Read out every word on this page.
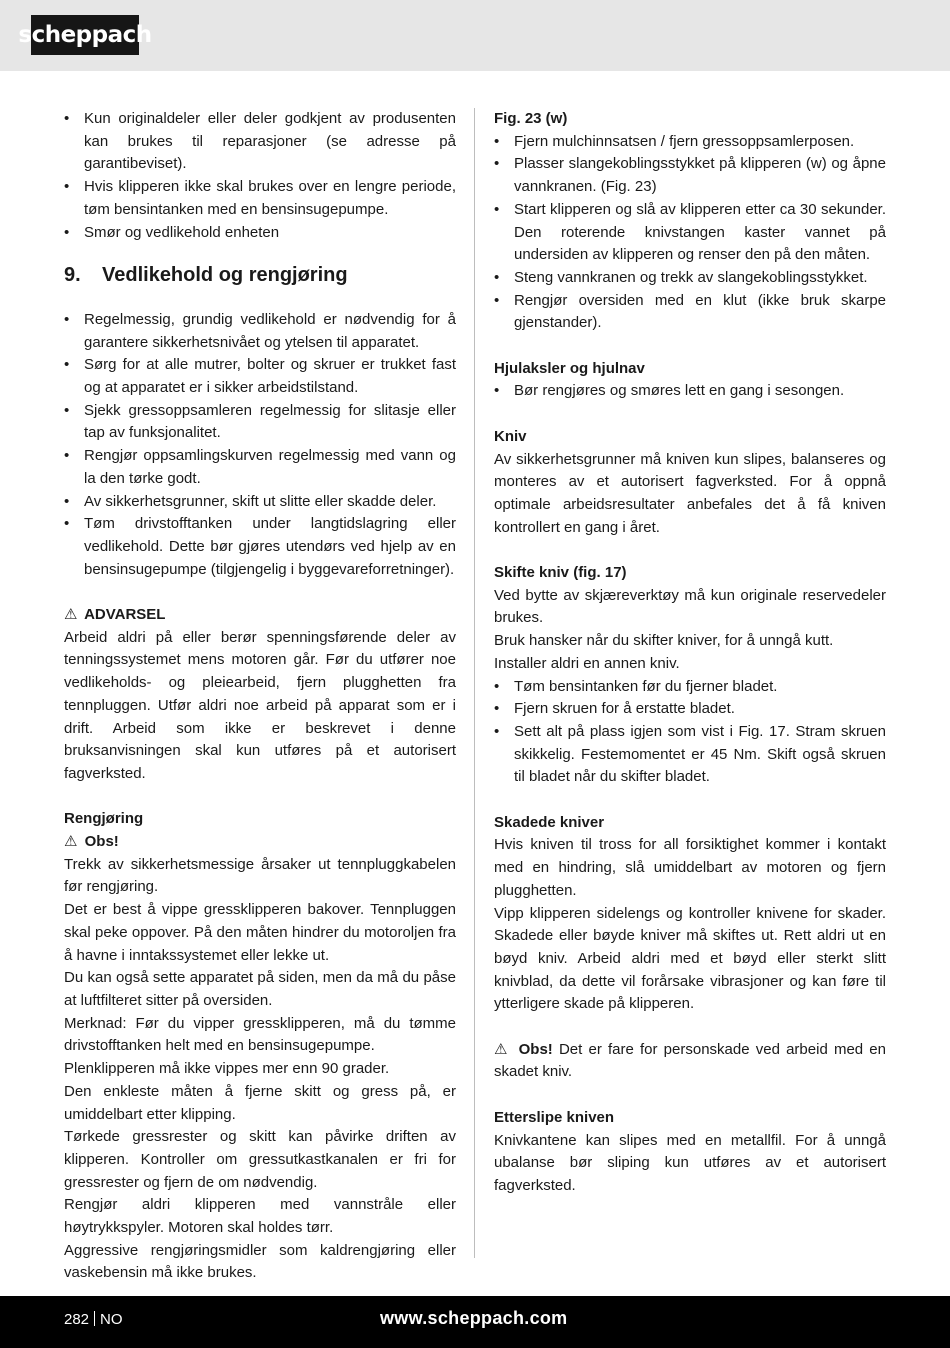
scheppach
• Kun originaldeler eller deler godkjent av produsenten kan brukes til reparasjoner (se adresse på garantibeviset).
• Hvis klipperen ikke skal brukes over en lengre periode, tøm bensintanken med en bensinsugepumpe.
• Smør og vedlikehold enheten
9.	Vedlikehold og rengjøring
• Regelmessig, grundig vedlikehold er nødvendig for å garantere sikkerhetsnivået og ytelsen til apparatet.
• Sørg for at alle mutrer, bolter og skruer er trukket fast og at apparatet er i sikker arbeidstilstand.
• Sjekk gressoppsamleren regelmessig for slitasje eller tap av funksjonalitet.
• Rengjør oppsamlingskurven regelmessig med vann og la den tørke godt.
• Av sikkerhetsgrunner, skift ut slitte eller skadde deler.
• Tøm drivstofftanken under langtidslagring eller vedlikehold. Dette bør gjøres utendørs ved hjelp av en bensinsugepumpe (tilgjengelig i byggevareforretninger).

⚠ ADVARSEL

Arbeid aldri på eller berør spenningsførende deler av tenningssystemet mens motoren går. Før du utfører noe vedlikeholds- og pleiearbeid, fjern plugghetten fra tennpluggen. Utfør aldri noe arbeid på apparat som er i drift. Arbeid som ikke er beskrevet i denne bruksanvisningen skal kun utføres på et autorisert fagverksted.

Rengjøring

⚠ Obs!

Trekk av sikkerhetsmessige årsaker ut tennpluggkabelen før rengjøring.

Det er best å vippe gressklipperen bakover. Tennpluggen skal peke oppover. På den måten hindrer du motoroljen fra å havne i inntakssystemet eller lekke ut.

Du kan også sette apparatet på siden, men da må du påse at luftfilteret sitter på oversiden.

Merknad: Før du vipper gressklipperen, må du tømme drivstofftanken helt med en bensinsugepumpe.

Plenklipperen må ikke vippes mer enn 90 grader.

Den enkleste måten å fjerne skitt og gress på, er umiddelbart etter klipping.

Tørkede gressrester og skitt kan påvirke driften av klipperen. Kontroller om gressutkastkanalen er fri for gressrester og fjern de om nødvendig.

Rengjør aldri klipperen med vannstråle eller høytrykkspyler. Motoren skal holdes tørr.

Aggressive rengjøringsmidler som kaldrengjøring eller vaskebensin må ikke brukes.

Fig. 23 (w)

• Fjern mulchinnsatsen / fjern gressoppsamlerposen.
• Plasser slangekoblingsstykket på klipperen (w) og åpne vannkranen. (Fig. 23)
• Start klipperen og slå av klipperen etter ca 30 sekunder. Den roterende knivstangen kaster vannet på undersiden av klipperen og renser den på den måten.
• Steng vannkranen og trekk av slangekoblingsstykket.
• Rengjør oversiden med en klut (ikke bruk skarpe gjenstander).

Hjulaksler og hjulnav

• Bør rengjøres og smøres lett en gang i sesongen.

Kniv

Av sikkerhetsgrunner må kniven kun slipes, balanseres og monteres av et autorisert fagverksted. For å oppnå optimale arbeidsresultater anbefales det å få kniven kontrollert en gang i året.

Skifte kniv (fig. 17)

Ved bytte av skjæreverktøy må kun originale reservedeler brukes.

Bruk hansker når du skifter kniver, for å unngå kutt.

Installer aldri en annen kniv.

• Tøm bensintanken før du fjerner bladet.
• Fjern skruen for å erstatte bladet.
• Sett alt på plass igjen som vist i Fig. 17. Stram skruen skikkelig. Festemomentet er 45 Nm. Skift også skruen til bladet når du skifter bladet.

Skadede kniver

Hvis kniven til tross for all forsiktighet kommer i kontakt med en hindring, slå umiddelbart av motoren og fjern plugghetten.

Vipp klipperen sidelengs og kontroller knivene for skader. Skadede eller bøyde kniver må skiftes ut. Rett aldri ut en bøyd kniv. Arbeid aldri med et bøyd eller sterkt slitt knivblad, da dette vil forårsake vibrasjoner og kan føre til ytterligere skade på klipperen.

⚠ Obs! Det er fare for personskade ved arbeid med en skadet kniv.

Etterslipe kniven

Knivkantene kan slipes med en metallfil. For å unngå ubalanse bør sliping kun utføres av et autorisert fagverksted.

282 NO	www.scheppach.com
